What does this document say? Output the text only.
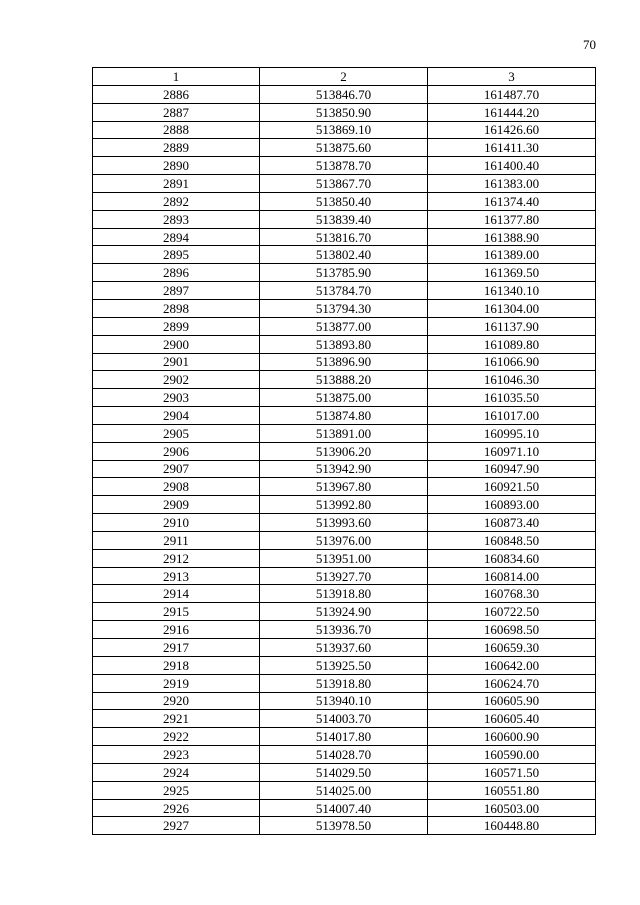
70
1	2	3
2886	513846.70	161487.70
2887	513850.90	161444.20
2888	513869.10	161426.60
2889	513875.60	161411.30
2890	513878.70	161400.40
2891	513867.70	161383.00
2892	513850.40	161374.40
2893	513839.40	161377.80
2894	513816.70	161388.90
2895	513802.40	161389.00
2896	513785.90	161369.50
2897	513784.70	161340.10
2898	513794.30	161304.00
2899	513877.00	161137.90
2900	513893.80	161089.80
2901	513896.90	161066.90
2902	513888.20	161046.30
2903	513875.00	161035.50
2904	513874.80	161017.00
2905	513891.00	160995.10
2906	513906.20	160971.10
2907	513942.90	160947.90
2908	513967.80	160921.50
2909	513992.80	160893.00
2910	513993.60	160873.40
2911	513976.00	160848.50
2912	513951.00	160834.60
2913	513927.70	160814.00
2914	513918.80	160768.30
2915	513924.90	160722.50
2916	513936.70	160698.50
2917	513937.60	160659.30
2918	513925.50	160642.00
2919	513918.80	160624.70
2920	513940.10	160605.90
2921	514003.70	160605.40
2922	514017.80	160600.90
2923	514028.70	160590.00
2924	514029.50	160571.50
2925	514025.00	160551.80
2926	514007.40	160503.00
2927	513978.50	160448.80
